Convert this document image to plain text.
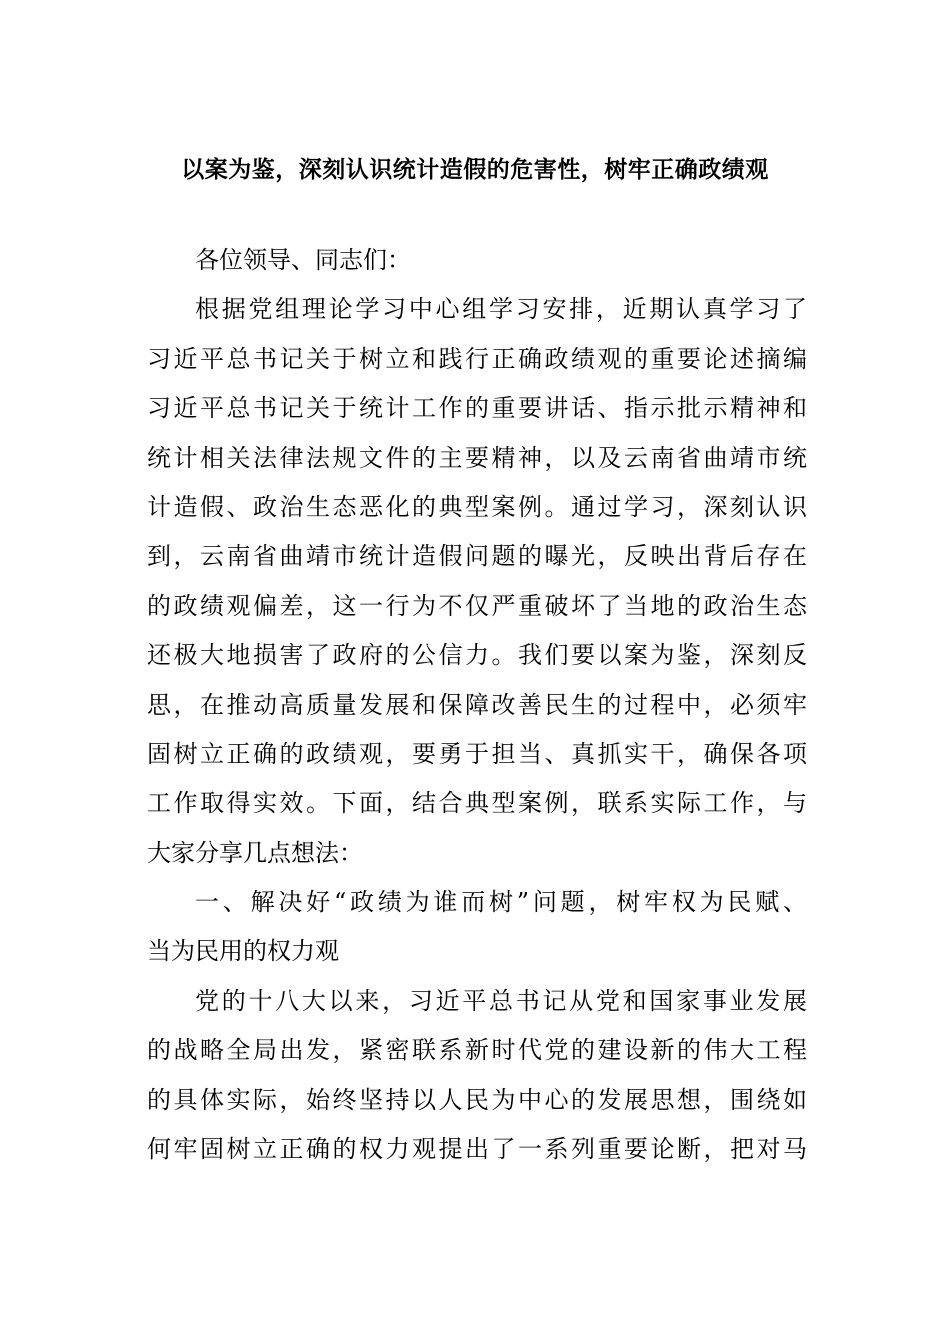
以案为鉴，深刻认识统计造假的危害性，树牢正确政绩观
各位领导、同志们：
根据党组理论学习中心组学习安排，近期认真学习了
习近平总书记关于树立和践行正确政绩观的重要论述摘编
习近平总书记关于统计工作的重要讲话、指示批示精神和
统计相关法律法规文件的主要精神，以及云南省曲靖市统
计造假、政治生态恶化的典型案例。通过学习，深刻认识
到，云南省曲靖市统计造假问题的曝光，反映出背后存在
的政绩观偏差，这一行为不仅严重破坏了当地的政治生态
还极大地损害了政府的公信力。我们要以案为鉴，深刻反
思，在推动高质量发展和保障改善民生的过程中，必须牢
固树立正确的政绩观，要勇于担当、真抓实干，确保各项
工作取得实效。下面，结合典型案例，联系实际工作，与
大家分享几点想法：
一、解决好“政绩为谁而树”问题，树牢权为民赋、
当为民用的权力观
党的十八大以来，习近平总书记从党和国家事业发展
的战略全局出发，紧密联系新时代党的建设新的伟大工程
的具体实际，始终坚持以人民为中心的发展思想，围绕如
何牢固树立正确的权力观提出了一系列重要论断，把对马
